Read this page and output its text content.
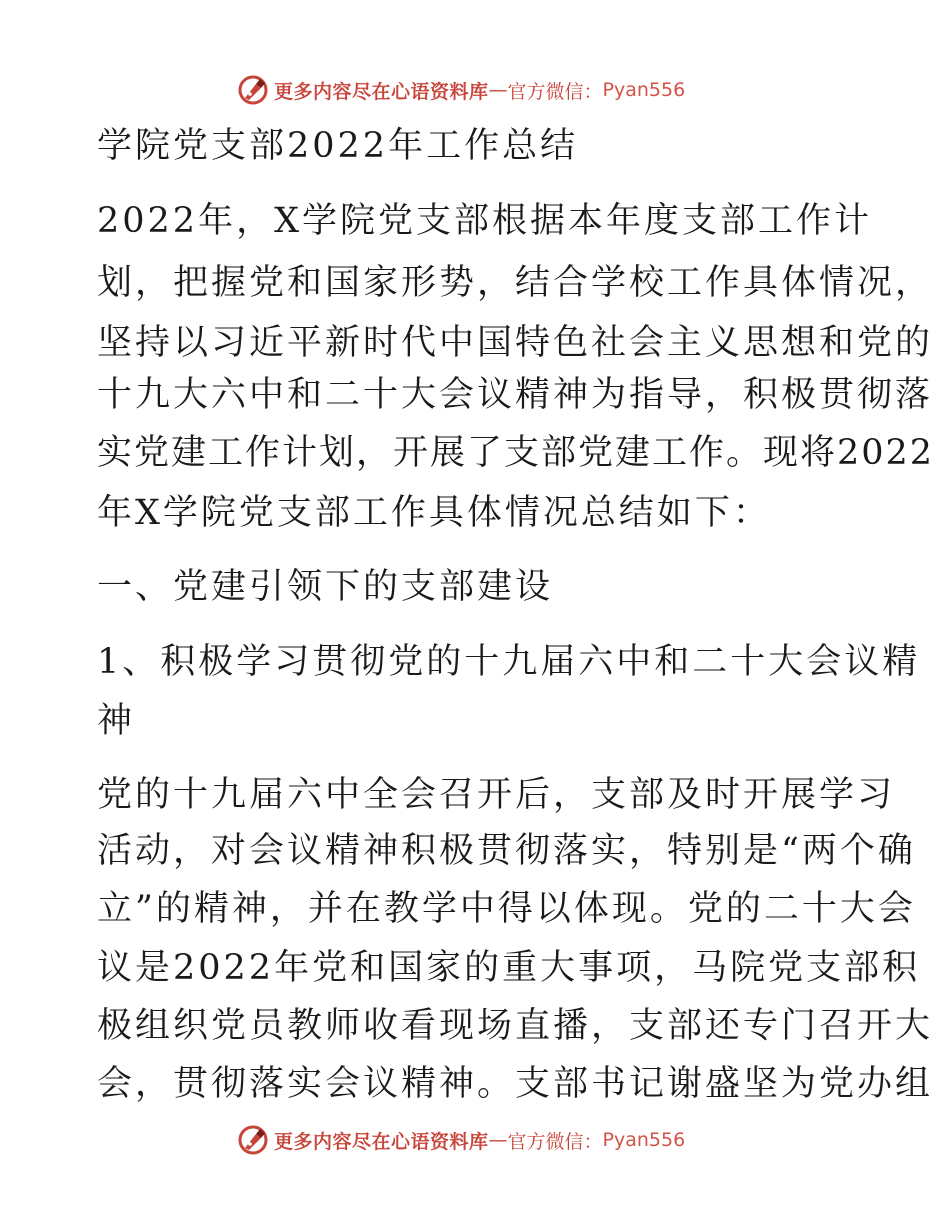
更多内容尽在心语资料库 — 官方微信： Pyan556
学院党支部2022年工作总结
2022年，X学院党支部根据本年度支部工作计
划，把握党和国家形势，结合学校工作具体情况，
坚持以习近平新时代中国特色社会主义思想和党的
十九大六中和二十大会议精神为指导，积极贯彻落
实党建工作计划，开展了支部党建工作。现将2022
年X学院党支部工作具体情况总结如下：
一、党建引领下的支部建设
1、积极学习贯彻党的十九届六中和二十大会议精
神
党的十九届六中全会召开后，支部及时开展学习
活动，对会议精神积极贯彻落实，特别是“两个确
立”的精神，并在教学中得以体现。党的二十大会
议是2022年党和国家的重大事项，马院党支部积
极组织党员教师收看现场直播，支部还专门召开大
会，贯彻落实会议精神。支部书记谢盛坚为党办组
更多内容尽在心语资料库 — 官方微信： Pyan556
